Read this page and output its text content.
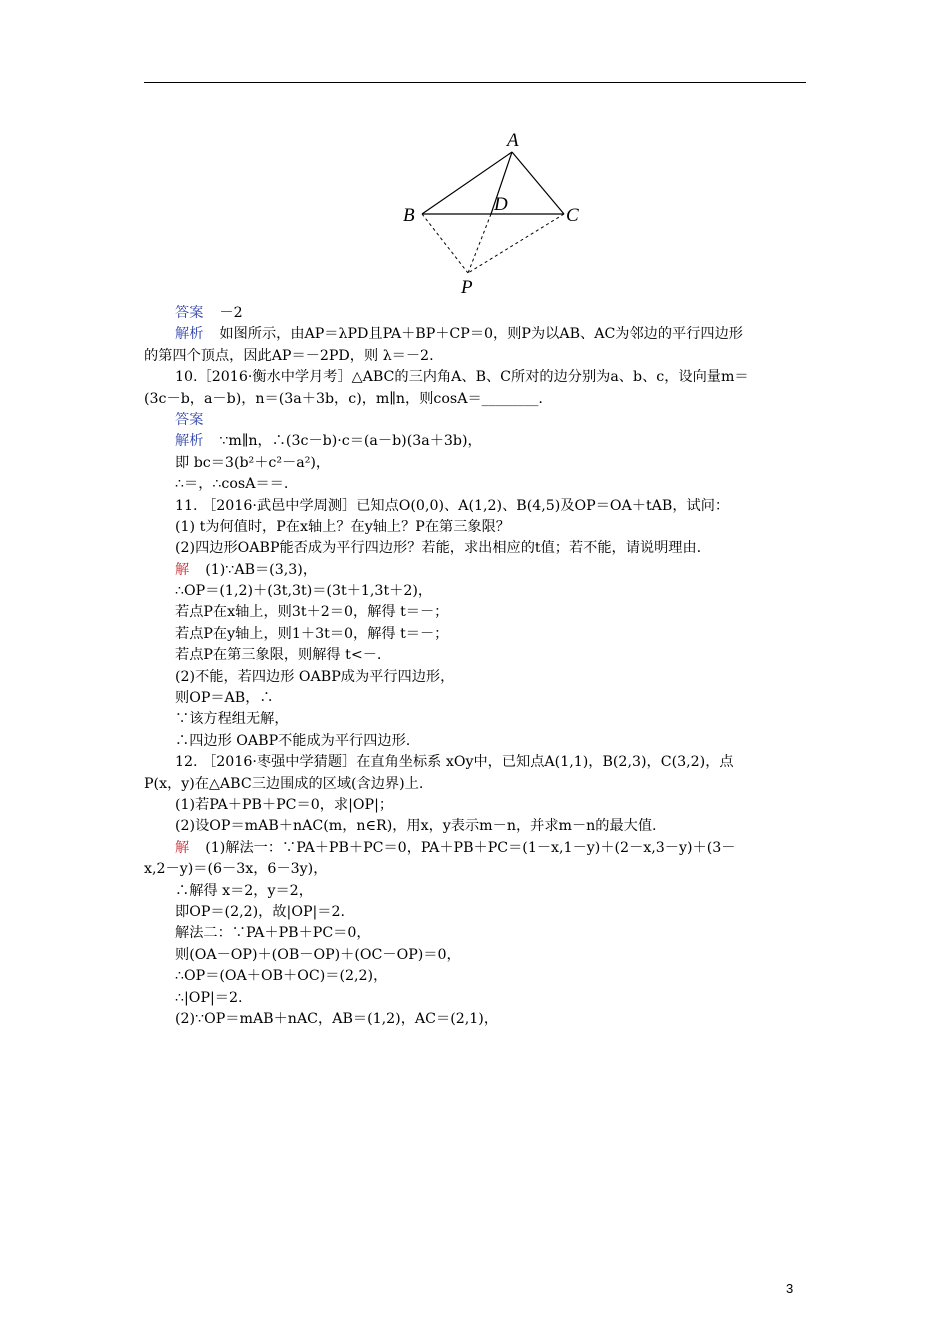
A
B	C
D
P
答案 －2
解析 如图所示，由AP＝λPD且PA＋BP＋CP＝0，则P为以AB、AC为邻边的平行四边形
的第四个顶点，因此AP＝－2PD，则 λ＝－2.
10.［2016·衡水中学月考］△ABC的三内角A、B、C所对的边分别为a、b、c，设向量m＝
(3c－b，a－b)，n＝(3a＋3b，c)，m∥n，则cosA＝________.
答案
解析 ∵m∥n，∴(3c－b)·c＝(a－b)(3a＋3b)，
即 bc＝3(b²＋c²－a²)，
∴＝，∴cosA＝＝.
11. ［2016·武邑中学周测］已知点O(0,0)、A(1,2)、B(4,5)及OP＝OA＋tAB，试问：
(1) t为何值时，P在x轴上？在y轴上？P在第三象限？
(2)四边形OABP能否成为平行四边形？若能，求出相应的t值；若不能，请说明理由.
解 (1)∵AB＝(3,3)，
∴OP＝(1,2)＋(3t,3t)＝(3t＋1,3t＋2)，
若点P在x轴上，则3t＋2＝0，解得 t＝－；
若点P在y轴上，则1＋3t＝0，解得 t＝－；
若点P在第三象限，则解得 t<－.
(2)不能，若四边形 OABP成为平行四边形，
则OP＝AB，∴
∵该方程组无解，
∴四边形 OABP不能成为平行四边形.
12. ［2016·枣强中学猜题］在直角坐标系 xOy中，已知点A(1,1)，B(2,3)，C(3,2)，点
P(x，y)在△ABC三边围成的区域(含边界)上.
(1)若PA＋PB＋PC＝0，求|OP|；
(2)设OP＝mAB＋nAC(m，n∈R)，用x，y表示m－n，并求m－n的最大值.
解 (1)解法一：∵PA＋PB＋PC＝0，PA＋PB＋PC＝(1－x,1－y)＋(2－x,3－y)＋(3－
x,2－y)＝(6－3x，6－3y)，
∴解得 x＝2，y＝2，
即OP＝(2,2)，故|OP|＝2.
解法二：∵PA＋PB＋PC＝0，
则(OA－OP)＋(OB－OP)＋(OC－OP)＝0，
∴OP＝(OA＋OB＋OC)＝(2,2)，
∴|OP|＝2.
(2)∵OP＝mAB＋nAC，AB＝(1,2)，AC＝(2,1)，
3
